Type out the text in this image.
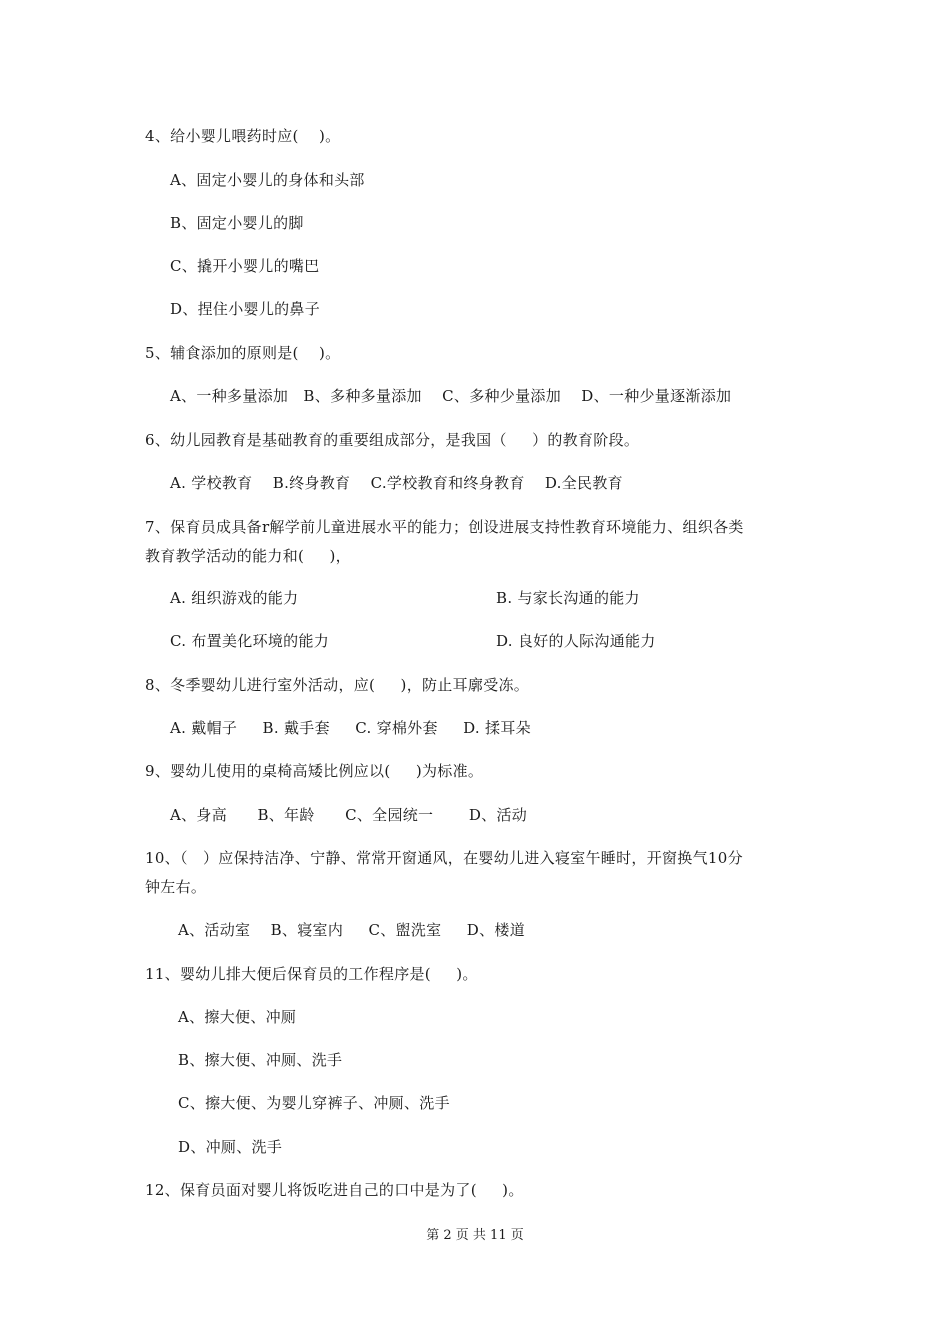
4、给小婴儿喂药时应(    )。
A、固定小婴儿的身体和头部
B、固定小婴儿的脚
C、撬开小婴儿的嘴巴
D、捏住小婴儿的鼻子
5、辅食添加的原则是(    )。
A、一种多量添加   B、多种多量添加    C、多种少量添加    D、一种少量逐渐添加
6、幼儿园教育是基础教育的重要组成部分，是我国（     ）的教育阶段。
A. 学校教育    B.终身教育    C.学校教育和终身教育    D.全民教育
7、保育员成具备r解学前儿童进展水平的能力；创设进展支持性教育环境能力、组织各类
教育教学活动的能力和(     )，
A. 组织游戏的能力	B. 与家长沟通的能力
C. 布置美化环境的能力	D. 良好的人际沟通能力
8、冬季婴幼儿进行室外活动，应(     )，防止耳廓受冻。
A. 戴帽子     B. 戴手套     C. 穿棉外套     D. 揉耳朵
9、婴幼儿使用的桌椅高矮比例应以(     )为标准。
A、身高      B、年龄      C、全园统一       D、活动
10、（   ）应保持洁净、宁静、常常开窗通风，在婴幼儿进入寝室午睡时，开窗换气10分
钟左右。
A、活动室    B、寝室内     C、盥洗室     D、楼道
11、婴幼儿排大便后保育员的工作程序是(     )。
A、擦大便、冲厕
B、擦大便、冲厕、洗手
C、擦大便、为婴儿穿裤子、冲厕、洗手
D、冲厕、洗手
12、保育员面对婴儿将饭吃进自己的口中是为了(     )。
第 2 页 共 11 页
